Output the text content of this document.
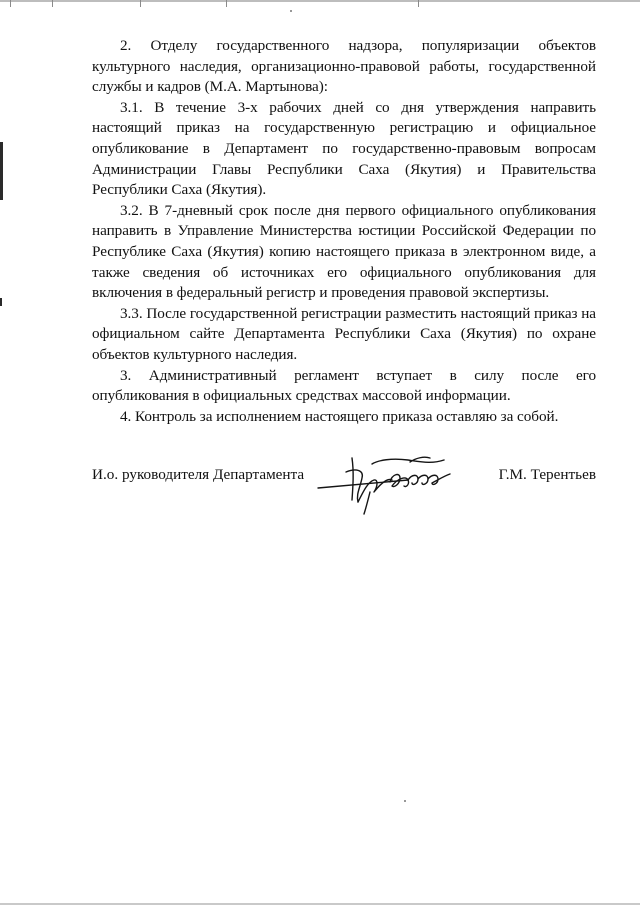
2. Отделу государственного надзора, популяризации объектов культурного наследия, организационно-правовой работы, государственной службы и кадров (М.А. Мартынова):

3.1. В течение 3-х рабочих дней со дня утверждения направить настоящий приказ на государственную регистрацию и официальное опубликование в Департамент по государственно-правовым вопросам Администрации Главы Республики Саха (Якутия) и Правительства Республики Саха (Якутия).

3.2. В 7-дневный срок после дня первого официального опубликования направить в Управление Министерства юстиции Российской Федерации по Республике Саха (Якутия) копию настоящего приказа в электронном виде, а также сведения об источниках его официального опубликования для включения в федеральный регистр и проведения правовой экспертизы.

3.3. После государственной регистрации разместить настоящий приказ на официальном сайте Департамента Республики Саха (Якутия) по охране объектов культурного наследия.

3. Административный регламент вступает в силу после его опубликования в официальных средствах массовой информации.

4. Контроль за исполнением настоящего приказа оставляю за собой.

И.о. руководителя Департамента	Г.М. Терентьев
